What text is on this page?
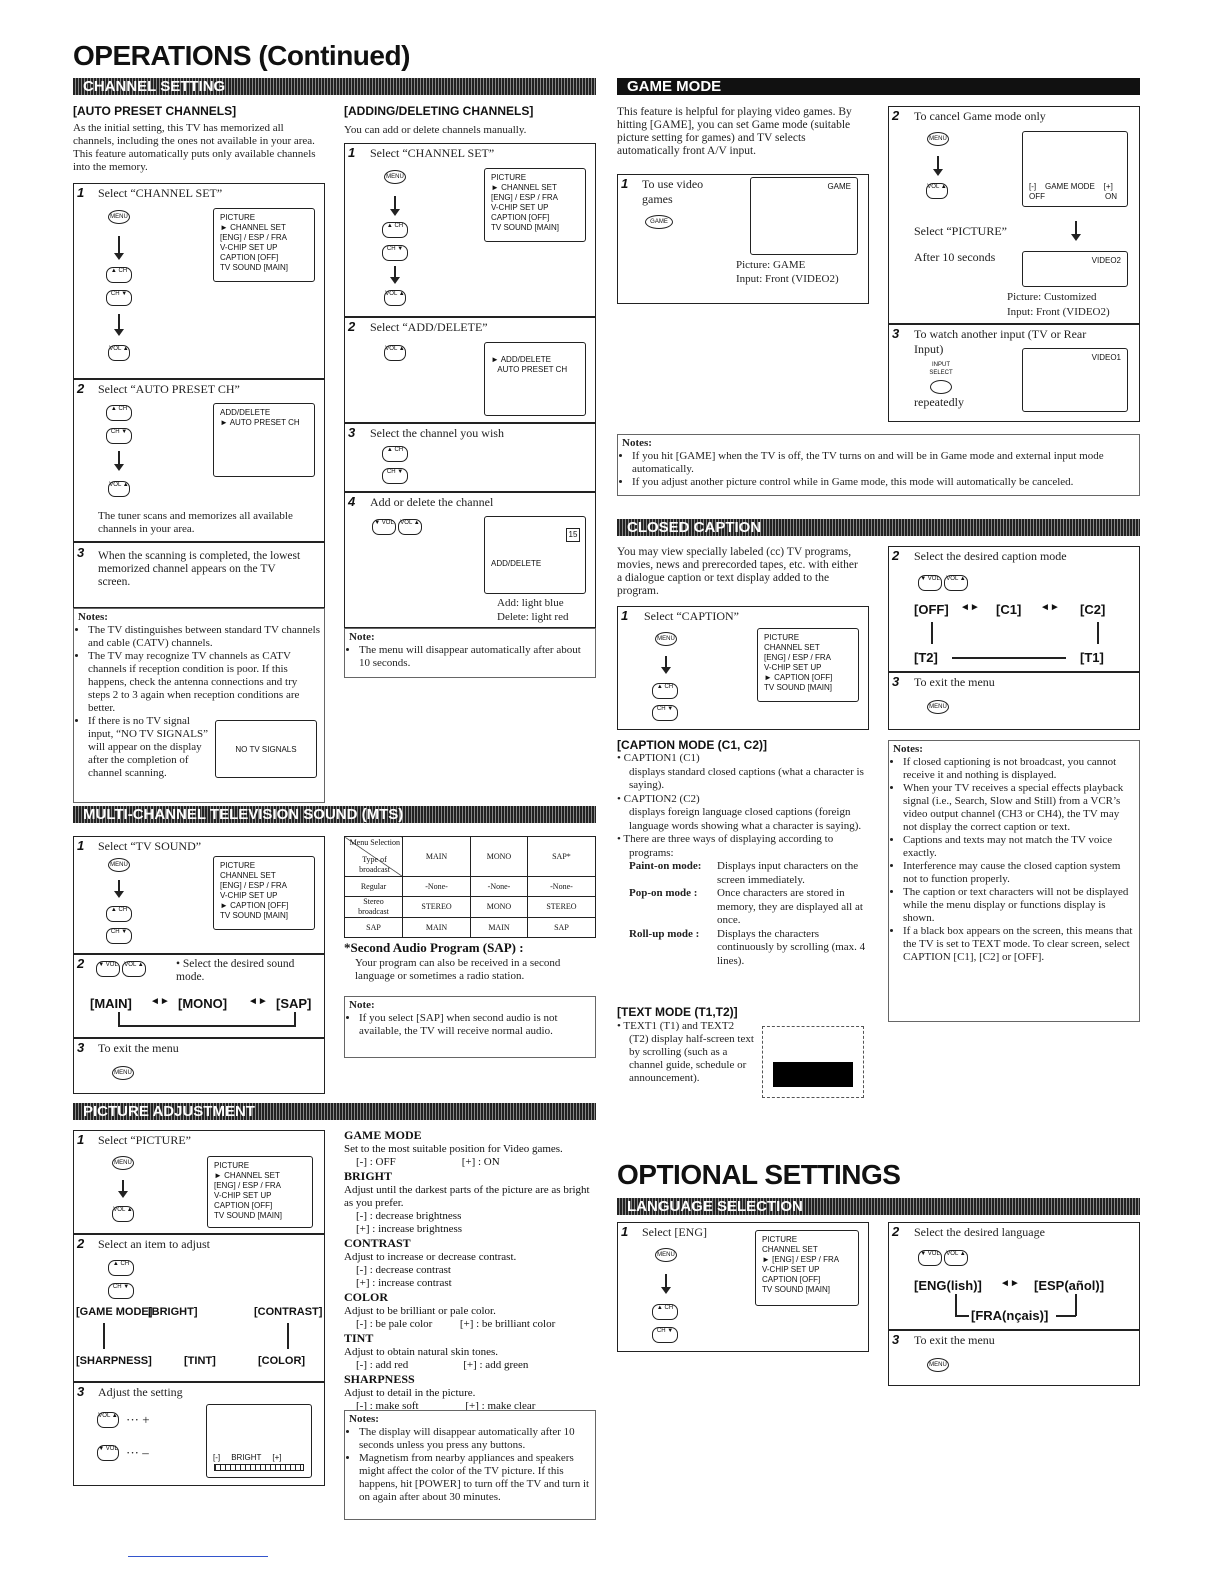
OPERATIONS (Continued)
OPTIONAL SETTINGS
CHANNEL SETTING	GAME MODE
MULTI-CHANNEL TELEVISION SOUND (MTS)
CLOSED CAPTION
PICTURE ADJUSTMENT
LANGUAGE SELECTION
[AUTO PRESET CHANNELS]
As the initial setting, this TV has memorized all channels, including the ones not available in your area. This feature automatically puts only available channels into the memory.
1 Select “CHANNEL SET”
MENU
▲ CH
CH ▼
VOL ▲
PICTURE
► CHANNEL SET
[ENG] / ESP / FRA
V-CHIP SET UP
CAPTION [OFF]
TV SOUND [MAIN]
2 Select “AUTO PRESET CH”
▲ CH
CH ▼
VOL ▲
ADD/DELETE
► AUTO PRESET CH
The tuner scans and memorizes all available channels in your area.
3 When the scanning is completed, the lowest memorized channel appears on the TV screen.
Notes:
• The TV distinguishes between standard TV channels and cable (CATV) channels.
• The TV may recognize TV channels as CATV channels if reception condition is poor. If this happens, check the antenna connections and try steps 2 to 3 again when reception conditions are better.
• If there is no TV signal input, “NO TV SIGNALS” will appear on the display after the completion of channel scanning.
NO TV SIGNALS
[ADDING/DELETING CHANNELS]
You can add or delete channels manually.
1 Select “CHANNEL SET”
MENU
▲ CH
CH ▼
VOL ▲
PICTURE
► CHANNEL SET
[ENG] / ESP / FRA
V-CHIP SET UP
CAPTION [OFF]
TV SOUND [MAIN]
2 Select “ADD/DELETE”
VOL ▲
► ADD/DELETE
AUTO PRESET CH
3 Select the channel you wish
▲ CH
CH ▼
4 Add or delete the channel
▼ VOL	VOL ▲
ADD/DELETE
15
Add: light blue
Delete: light red
Note:
• The menu will disappear automatically after about 10 seconds.
1 Select “TV SOUND”
MENU
▲ CH
CH ▼
PICTURE
CHANNEL SET
[ENG] / ESP / FRA
V-CHIP SET UP
► CAPTION [OFF]
TV SOUND [MAIN]
2	▼ VOL	VOL ▲	• Select the desired sound mode.
[MAIN] ◄► [MONO] ◄► [SAP]
3 To exit the menu
MENU
Menu Selection
Type of broadcast	MAIN	MONO	SAP*
Regular	-None-	-None-	-None-
Stereo broadcast	STEREO	MONO	STEREO
SAP	MAIN	MAIN	SAP
*Second Audio Program (SAP) :
Your program can also be received in a second language or sometimes a radio station.
Note:
• If you select [SAP] when second audio is not available, the TV will receive normal audio.
1 Select “PICTURE”
MENU
VOL ▲
PICTURE
► CHANNEL SET
[ENG] / ESP / FRA
V-CHIP SET UP
CAPTION [OFF]
TV SOUND [MAIN]
2 Select an item to adjust
▲ CH
CH ▼
[GAME MODE]
[BRIGHT]	[CONTRAST]
[SHARPNESS]	[TINT]	[COLOR]
3 Adjust the setting
VOL ▲ ··· +
▼ VOL ··· –	[-]     BRIGHT     [+]
GAME MODE
Set to the most suitable position for Video games.
[-] : OFF                        [+] : ON
BRIGHT
Adjust until the darkest parts of the picture are as bright as you prefer.
[-] : decrease brightness
[+] : increase brightness
CONTRAST
Adjust to increase or decrease contrast.
[-] : decrease contrast
[+] : increase contrast
COLOR
Adjust to be brilliant or pale color.
[-] : be pale color          [+] : be brilliant color
TINT
Adjust to obtain natural skin tones.
[-] : add red                    [+] : add green
SHARPNESS
Adjust to detail in the picture.
[-] : make soft                 [+] : make clear
Notes:
• The display will disappear automatically after 10 seconds unless you press any buttons.
• Magnetism from nearby appliances and speakers might affect the color of the TV picture. If this happens, hit [POWER] to turn off the TV and turn it on again after about 30 minutes.
This feature is helpful for playing video games. By hitting [GAME], you can set Game mode (suitable picture setting for games) and TV selects automatically front A/V input.
1 To use video games
GAME
GAME
Picture: GAME
Input: Front (VIDEO2)
2 To cancel Game mode only
MENU
VOL ▲	[-]    GAME MODE    [+]
OFF                           ON
Select “PICTURE”
After 10 seconds	VIDEO2
Picture: Customized
Input: Front (VIDEO2)
3 To watch another input (TV or Rear Input)
INPUT SELECT
repeatedly
VIDEO1
Notes:
• If you hit [GAME] when the TV is off, the TV turns on and will be in Game mode and external input mode automatically.
• If you adjust another picture control while in Game mode, this mode will automatically be canceled.
You may view specially labeled (cc) TV programs, movies, news and prerecorded tapes, etc. with either a dialogue caption or text display added to the program.
1 Select “CAPTION”
MENU
▲ CH
CH ▼
PICTURE
CHANNEL SET
[ENG] / ESP / FRA
V-CHIP SET UP
► CAPTION [OFF]
TV SOUND [MAIN]
[CAPTION MODE (C1, C2)]
• CAPTION1 (C1)
displays standard closed captions (what a character is saying).
• CAPTION2 (C2)
displays foreign language closed captions (foreign language words showing what a character is saying).
• There are three ways of displaying according to programs:
Paint-on mode:	Displays input characters on the screen immediately.
Pop-on mode :	Once characters are stored in memory, they are displayed all at once.
Roll-up mode :	Displays the characters continuously by scrolling (max. 4 lines).
[TEXT MODE (T1,T2)]
• TEXT1 (T1) and TEXT2 (T2) display half-screen text by scrolling (such as a channel guide, schedule or announcement).
2 Select the desired caption mode
▼ VOL	VOL ▲
[OFF] ◄► [C1] ◄► [C2]
[T2]	[T1]
3 To exit the menu
MENU
Notes:
• If closed captioning is not broadcast, you cannot receive it and nothing is displayed.
• When your TV receives a special effects playback signal (i.e., Search, Slow and Still) from a VCR’s video output channel (CH3 or CH4), the TV may not display the correct caption or text.
• Captions and texts may not match the TV voice exactly.
• Interference may cause the closed caption system not to function properly.
• The caption or text characters will not be displayed while the menu display or functions display is shown.
• If a black box appears on the screen, this means that the TV is set to TEXT mode. To clear screen, select CAPTION [C1], [C2] or [OFF].
1 Select [ENG]
MENU
▲ CH
CH ▼
PICTURE
CHANNEL SET
► [ENG] / ESP / FRA
V-CHIP SET UP
CAPTION [OFF]
TV SOUND [MAIN]
2 Select the desired language
▼ VOL	VOL ▲
[ENG(lish)] ◄► [ESP(añol)]
[FRA(nçais)]
3 To exit the menu
MENU
